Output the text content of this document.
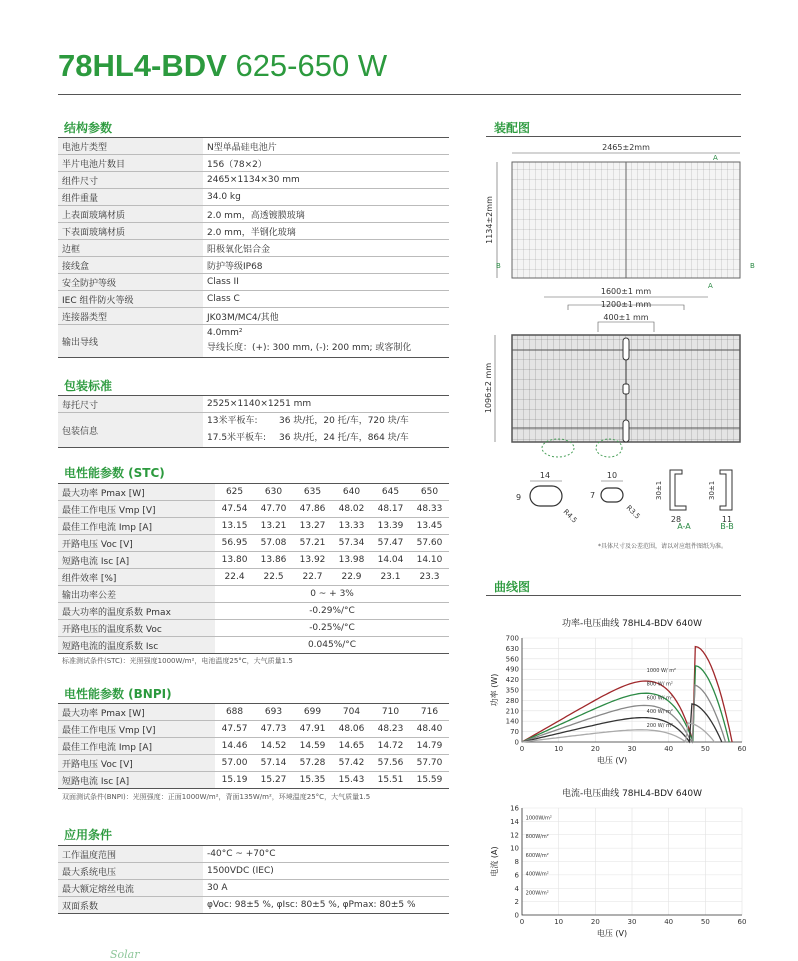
78HL4-BDV 625-650 W
结构参数
电池片类型	N型单晶硅电池片
半片电池片数目	156（78×2）
组件尺寸	2465×1134×30 mm
组件重量	34.0 kg
上表面玻璃材质	2.0 mm，高透镀膜玻璃
下表面玻璃材质	2.0 mm，半钢化玻璃
边框	阳极氧化铝合金
接线盒	防护等级IP68
安全防护等级	Class II
IEC 组件防火等级	Class C
连接器类型	JK03M/MC4/其他
输出导线	4.0mm²
导线长度：(+): 300 mm, (-): 200 mm; 或客制化
包装标准
每托尺寸	2525×1140×1251 mm
包装信息	13米平板车: 36 块/托，20 托/车，720 块/车
17.5米平板车: 36 块/托，24 托/车，864 块/车
电性能参数 (STC)
最大功率 Pmax [W]	625	630	635	640	645	650
最佳工作电压 Vmp [V]	47.54	47.70	47.86	48.02	48.17	48.33
最佳工作电流 Imp [A]	13.15	13.21	13.27	13.33	13.39	13.45
开路电压 Voc [V]	56.95	57.08	57.21	57.34	57.47	57.60
短路电流 Isc [A]	13.80	13.86	13.92	13.98	14.04	14.10
组件效率 [%]	22.4	22.5	22.7	22.9	23.1	23.3
输出功率公差	0 ~ + 3%					
最大功率的温度系数 Pmax	-0.29%/°C					
开路电压的温度系数 Voc	-0.25%/°C					
短路电流的温度系数 Isc	0.045%/°C					
标准测试条件(STC)：光照强度1000W/m²，电池温度25°C，大气质量1.5
电性能参数 (BNPI)
最大功率 Pmax [W]	688	693	699	704	710	716
最佳工作电压 Vmp [V]	47.57	47.73	47.91	48.06	48.23	48.40
最佳工作电流 Imp [A]	14.46	14.52	14.59	14.65	14.72	14.79
开路电压 Voc [V]	57.00	57.14	57.28	57.42	57.56	57.70
短路电流 Isc [A]	15.19	15.27	15.35	15.43	15.51	15.59
双面测试条件(BNPI)：光照强度：正面1000W/m²，背面135W/m²，环境温度25°C，大气质量1.5
应用条件
工作温度范围	-40°C ~ +70°C
最大系统电压	1500VDC (IEC)
最大额定熔丝电流	30 A
双面系数	φVoc: 98±5 %, φIsc: 80±5 %, φPmax: 80±5 %
Solar
装配图
2465±2mm
1134±2mm
A
A
B	B
1600±1 mm
1200±1 mm
400±1 mm
1096±2 mm
14
9
R4.5
10
7
R3.5
30±1
28
A-A
30±1
11
B-B
*具体尺寸及公差范围，请以对应组件图纸为准。
曲线图
功率-电压曲线 78HL4-BDV 640W
700
630
560
490
420
350
280
210
140
70
0
0	10	20	30	40	50	60
电压 (V)
功率 (W)
1000 W/ m²
800 W/ m²
600 W/ m²
400 W/ m²
200 W/ m²
电流-电压曲线 78HL4-BDV 640W
16
14
12
10
8
6
4
2
0
0	10	20	30	40	50	60
电压 (V)
电流 (A)
1000W/m²
800W/m²
600W/m²
400W/m²
200W/m²
